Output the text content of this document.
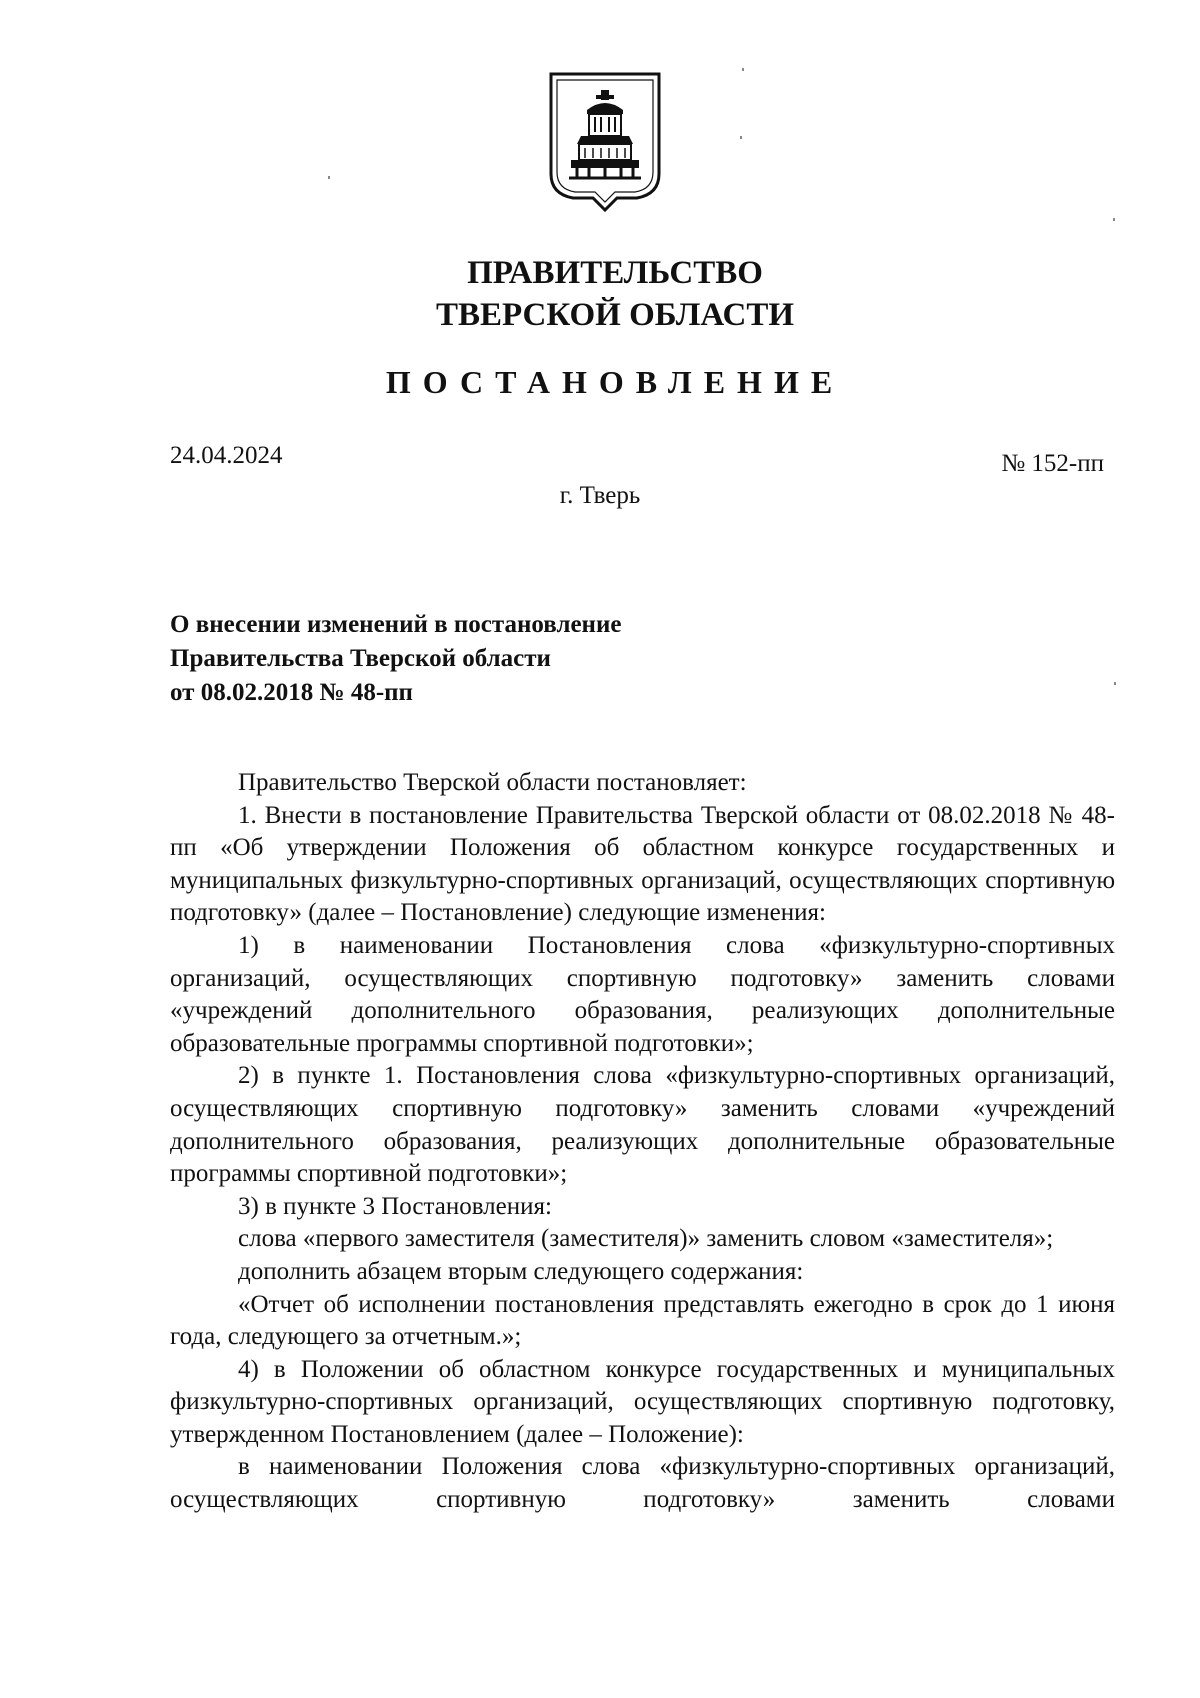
ПРАВИТЕЛЬСТВО
ТВЕРСКОЙ ОБЛАСТИ
ПОСТАНОВЛЕНИЕ
24.04.2024	№ 152-пп
г. Тверь
О внесении изменений в постановление
Правительства Тверской области
от 08.02.2018 № 48-пп

Правительство Тверской области постановляет:

1. Внести в постановление Правительства Тверской области от 08.02.2018 № 48-пп «Об утверждении Положения об областном конкурсе государственных и муниципальных физкультурно-спортивных организаций, осуществляющих спортивную подготовку» (далее – Постановление) следующие изменения:

1) в наименовании Постановления слова «физкультурно-спортивных организаций, осуществляющих спортивную подготовку» заменить словами «учреждений дополнительного образования, реализующих дополнительные образовательные программы спортивной подготовки»;

2) в пункте 1. Постановления слова «физкультурно-спортивных организаций, осуществляющих спортивную подготовку» заменить словами «учреждений дополнительного образования, реализующих дополнительные образовательные программы спортивной подготовки»;

3) в пункте 3 Постановления:

слова «первого заместителя (заместителя)» заменить словом «заместителя»;

дополнить абзацем вторым следующего содержания:

«Отчет об исполнении постановления представлять ежегодно в срок до 1 июня года, следующего за отчетным.»;

4) в Положении об областном конкурсе государственных и муниципальных физкультурно-спортивных организаций, осуществляющих спортивную подготовку, утвержденном Постановлением (далее – Положение):

в наименовании Положения слова «физкультурно-спортивных организаций, осуществляющих спортивную подготовку» заменить словами
